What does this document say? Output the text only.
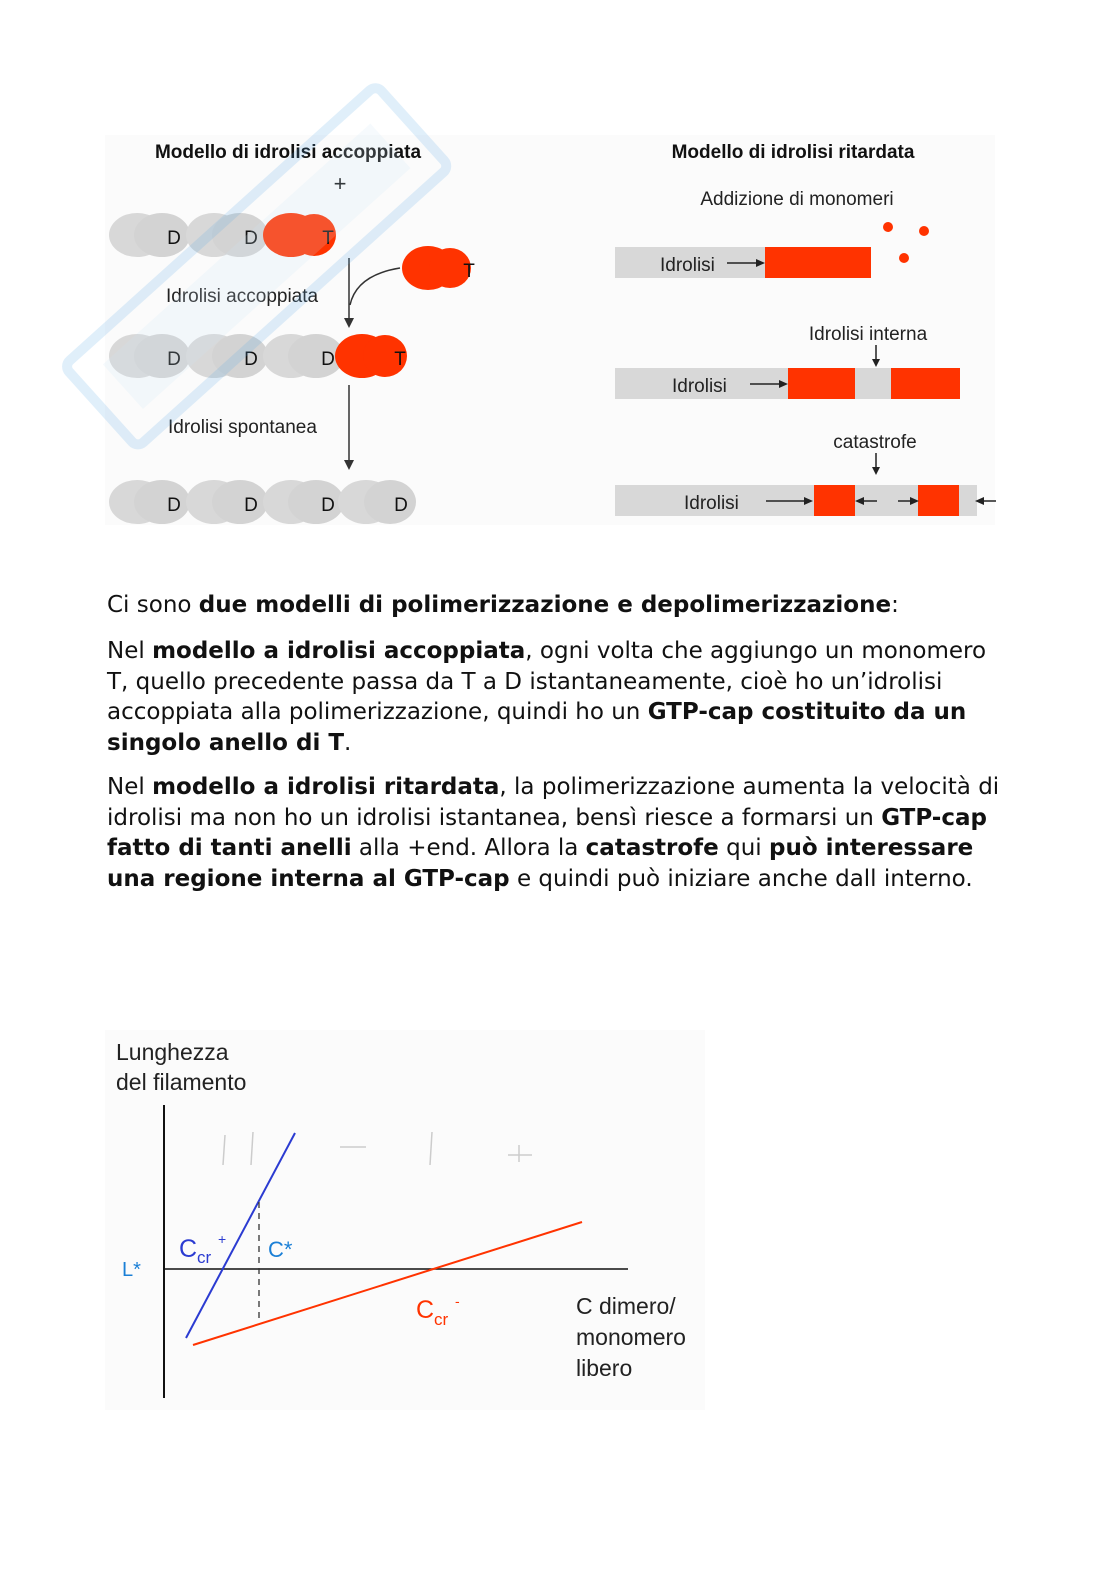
Modello di idrolisi accoppiata
+
D	D	T
T
Idrolisi accoppiata
D	D	D	T
Idrolisi spontanea
D	D	D	D
Modello di idrolisi ritardata
Addizione di monomeri
Idrolisi
Idrolisi interna
Idrolisi
catastrofe
Idrolisi

Ci sono due modelli di polimerizzazione e depolimerizzazione:

Nel modello a idrolisi accoppiata, ogni volta che aggiungo un monomero T, quello precedente passa da T a D istantaneamente, cioè ho un’idrolisi accoppiata alla polimerizzazione, quindi ho un GTP-cap costituito da un singolo anello di T.

Nel modello a idrolisi ritardata, la polimerizzazione aumenta la velocità di idrolisi ma non ho un idrolisi istantanea, bensì riesce a formarsi un GTP-cap fatto di tanti anelli alla +end. Allora la catastrofe qui può interessare una regione interna al GTP-cap e quindi può iniziare anche dall interno.

Lunghezza
del filamento
L*
C cr
+ C*
C cr
-	C dimero/
monomero
libero
